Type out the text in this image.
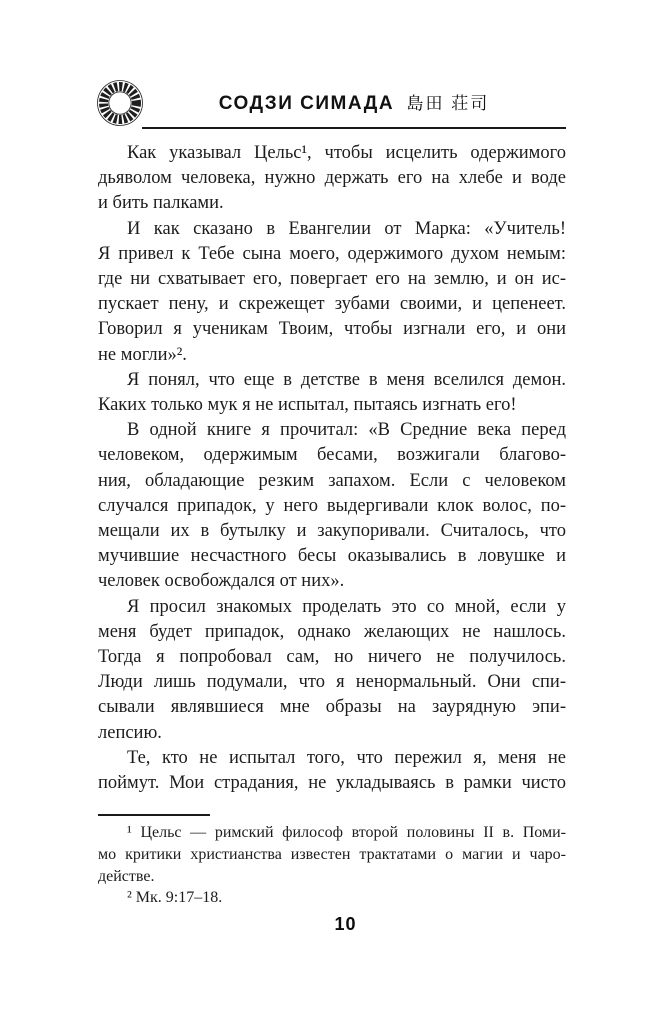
СОДЗИ СИМАДА 島田 荘司
Как указывал Цельс¹, чтобы исцелить одержимого
дьяволом человека, нужно держать его на хлебе и воде
и бить палками.
И как сказано в Евангелии от Марка: «Учитель!
Я привел к Тебе сына моего, одержимого духом немым:
где ни схватывает его, повергает его на землю, и он ис-
пускает пену, и скрежещет зубами своими, и цепенеет.
Говорил я ученикам Твоим, чтобы изгнали его, и они
не могли»².
Я понял, что еще в детстве в меня вселился демон.
Каких только мук я не испытал, пытаясь изгнать его!
В одной книге я прочитал: «В Средние века перед
человеком, одержимым бесами, возжигали благово-
ния, обладающие резким запахом. Если с человеком
случался припадок, у него выдергивали клок волос, по-
мещали их в бутылку и закупоривали. Считалось, что
мучившие несчастного бесы оказывались в ловушке и
человек освобождался от них».
Я просил знакомых проделать это со мной, если у
меня будет припадок, однако желающих не нашлось.
Тогда я попробовал сам, но ничего не получилось.
Люди лишь подумали, что я ненормальный. Они спи-
сывали являвшиеся мне образы на заурядную эпи-
лепсию.
Те, кто не испытал того, что пережил я, меня не
поймут. Мои страдания, не укладываясь в рамки чисто
¹ Цельс — римский философ второй половины II в. Поми-
мо критики христианства известен трактатами о магии и чаро-
действе.
² Мк. 9:17–18.
10
